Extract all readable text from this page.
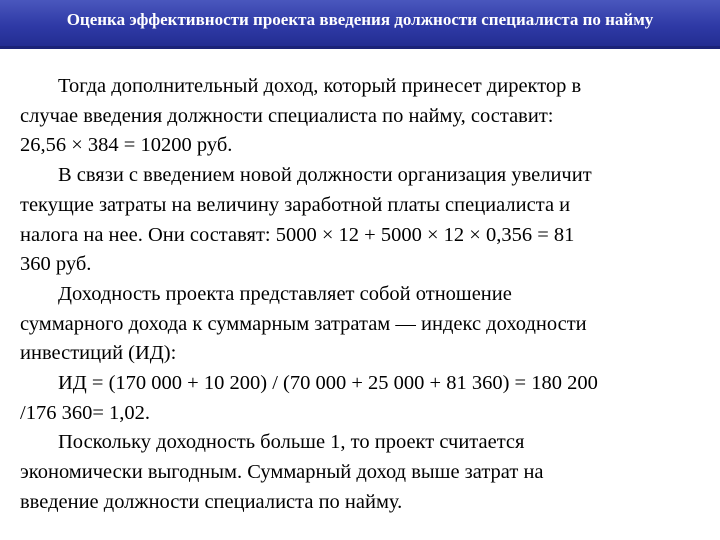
Оценка эффективности проекта введения должности специалиста по найму

Тогда дополнительный доход, который принесет директор в
случае введения должности специалиста по найму, составит:
26,56 × 384 = 10200 руб.

В связи с введением новой должности организация увеличит
текущие затраты на величину заработной платы специалиста и
налога на нее. Они составят: 5000 × 12 + 5000 × 12 × 0,356 = 81
360 руб.

Доходность проекта представляет собой отношение
суммарного дохода к суммарным затратам — индекс доходности
инвестиций (ИД):

ИД = (170 000 + 10 200) / (70 000 + 25 000 + 81 360) = 180 200
/176 360= 1,02.

Поскольку доходность больше 1, то проект считается
экономически выгодным. Суммарный доход выше затрат на
введение должности специалиста по найму.
